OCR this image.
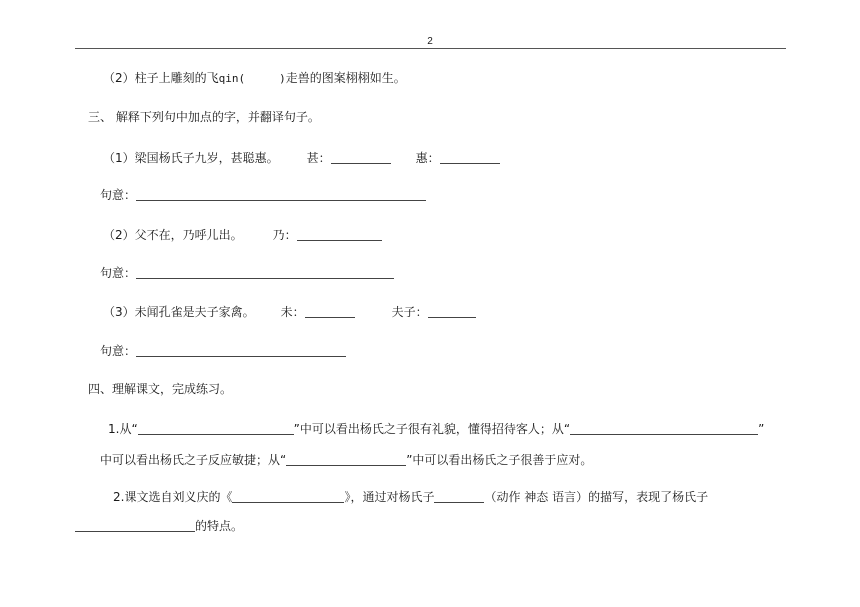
2
（2）柱子上雕刻的飞qin(	)走兽的图案栩栩如生。
三、 解释下列句中加点的字，并翻译句子。
（1）梁国杨氏子九岁，甚聪惠。 甚：	惠：
句意：
（2）父不在，乃呼儿出。	乃：
句意：
（3）未闻孔雀是夫子家禽。 未：	夫子：
句意：
四、理解课文，完成练习。
1.从“	”中可以看出杨氏之子很有礼貌，懂得招待客人；从“	”
中可以看出杨氏之子反应敏捷；从“	”中可以看出杨氏之子很善于应对。
2.课文选自刘义庆的《	》，通过对杨氏子	（动作 神态 语言）的描写，表现了杨氏子
的特点。
